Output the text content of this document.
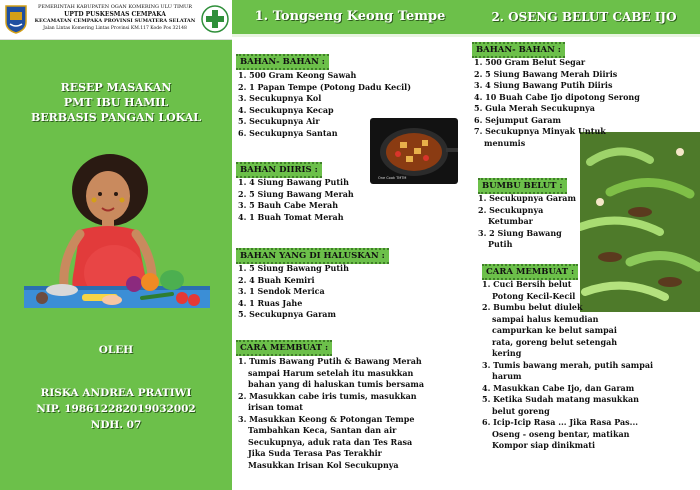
PEMERINTAH KABUPATEN OGAN KOMERING ULU TIMUR
UPTD PUSKESMAS CEMPAKA
KECAMATAN CEMPAKA PROVINSI SUMATERA SELATAN
Jalan Lintas Komering Lintas Provinsi KM.117 Kode Pos 32148
RESEP MASAKAN
PMT IBU HAMIL
BERBASIS PANGAN LOKAL
OLEH
RISKA ANDREA PRATIWI
NIP. 198612282019032002
NDH. 07
1. Tongseng Keong Tempe
BAHAN- BAHAN :
1. 500 Gram Keong Sawah
2. 1 Papan Tempe (Potong Dadu Kecil)
3. Secukupnya Kol
4. Secukupnya Kecap
5. Secukupnya Air
6. Secukupnya Santan
One Cook TMTM
BAHAN DIIRIS :
1. 4 Siung Bawang Putih
2. 5 Siung Bawang Merah
3. 5 Bauh Cabe Merah
4. 1 Buah Tomat Merah
BAHAN YANG DI HALUSKAN :
1. 5 Siung Bawang Putih
2. 4 Buah Kemiri
3. 1 Sendok Merica
4. 1 Ruas Jahe
5. Secukupnya Garam
CARA MEMBUAT :
1. Tumis Bawang Putih & Bawang Merah
sampai Harum setelah itu masukkan
bahan yang di haluskan tumis bersama
2. Masukkan cabe iris tumis, masukkan
irisan tomat
3. Masukkan Keong & Potongan Tempe
Tambahkan Keca, Santan dan air
Secukupnya, aduk rata dan Tes Rasa
Jika Suda Terasa Pas Terakhir
Masukkan Irisan Kol Secukupnya
2. OSENG BELUT CABE IJO
BAHAN- BAHAN :
1. 500 Gram Belut Segar
2. 5 Siung Bawang Merah Diiris
3. 4 Siung Bawang Putih Diiris
4. 10 Buah Cabe Ijo dipotong Serong
5. Gula Merah Secukupnya
6. Sejumput Garam
7. Secukupnya Minyak Untuk
menumis
BUMBU BELUT :
1. Secukupnya Garam
2. Secukupnya
Ketumbar
3. 2 Siung Bawang
Putih
CARA MEMBUAT :
1. Cuci Bersih belut
Potong Kecil-Kecil
2. Bumbu belut diulek
sampai halus kemudian
campurkan ke belut sampai
rata, goreng belut setengah
kering
3. Tumis bawang merah, putih sampai
harum
4. Masukkan Cabe Ijo, dan Garam
5. Ketika Sudah matang masukkan
belut goreng
6. Icip-Icip Rasa ... Jika Rasa Pas...
Oseng - oseng bentar, matikan
Kompor siap dinikmati
